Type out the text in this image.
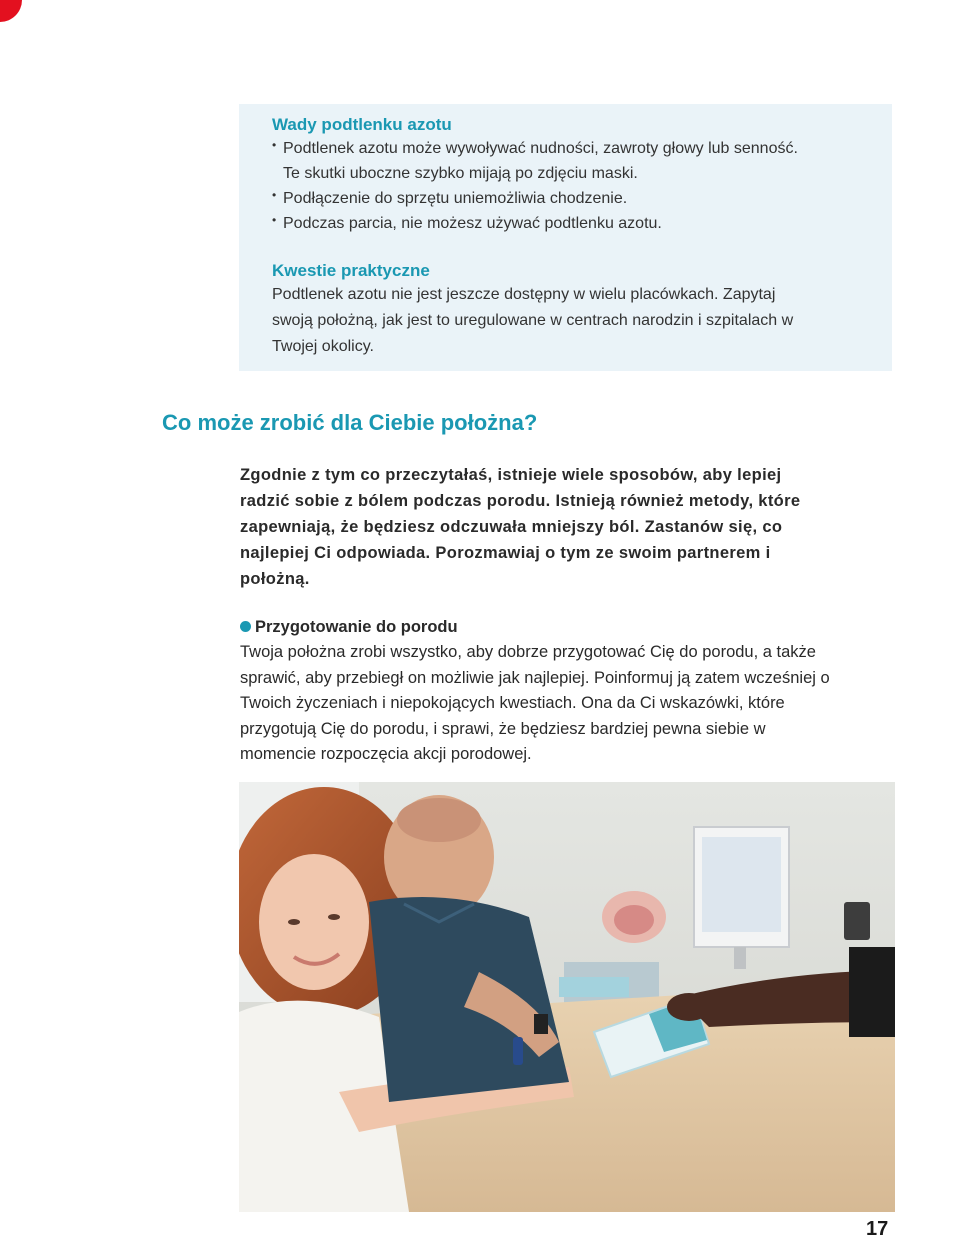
Wady podtlenku azotu

• Podtlenek azotu może wywoływać nudności, zawroty głowy lub senność.
Te skutki uboczne szybko mijają po zdjęciu maski.
• Podłączenie do sprzętu uniemożliwia chodzenie.
• Podczas parcia, nie możesz używać podtlenku azotu.

Kwestie praktyczne

Podtlenek azotu nie jest jeszcze dostępny w wielu placówkach. Zapytaj
swoją położną, jak jest to uregulowane w centrach narodzin i szpitalach w
Twojej okolicy.

Co może zrobić dla Ciebie położna?

Zgodnie z tym co przeczytałaś, istnieje wiele sposobów, aby lepiej
radzić sobie z bólem podczas porodu. Istnieją również metody, które
zapewniają, że będziesz odczuwała mniejszy ból. Zastanów się, co
najlepiej Ci odpowiada. Porozmawiaj o tym ze swoim partnerem i
położną.

Przygotowanie do porodu

Twoja położna zrobi wszystko, aby dobrze przygotować Cię do porodu, a także
sprawić, aby przebiegł on możliwie jak najlepiej. Poinformuj ją zatem wcześniej o
Twoich życzeniach i niepokojących kwestiach. Ona da Ci wskazówki, które
przygotują Cię do porodu, i sprawi, że będziesz bardziej pewna siebie w
momencie rozpoczęcia akcji porodowej.

17
